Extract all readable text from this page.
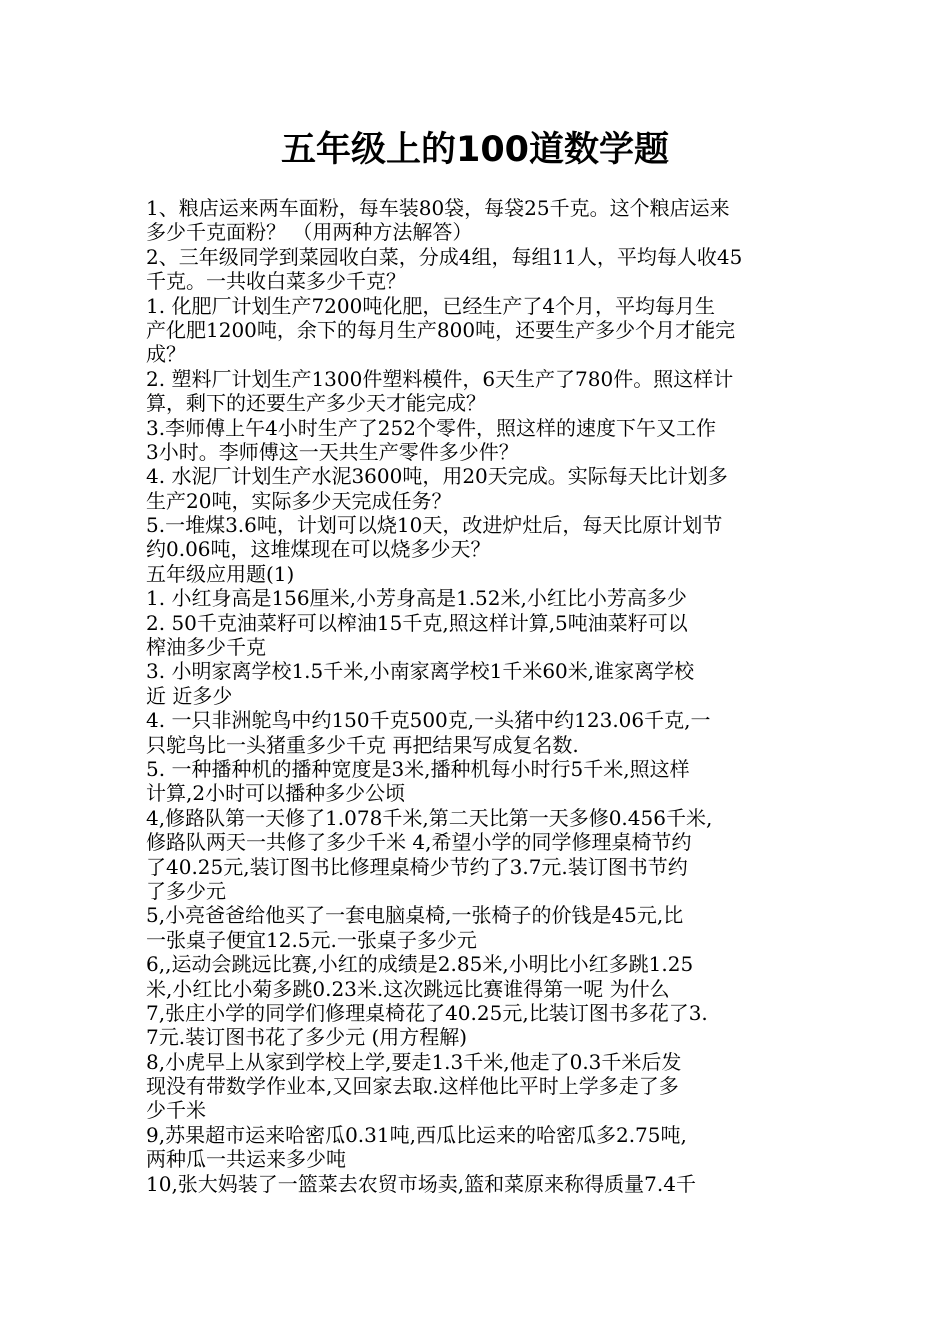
五年级上的100道数学题
1、粮店运来两车面粉，每车装80袋，每袋25千克。这个粮店运来
多少千克面粉？ （用两种方法解答）
2、三年级同学到菜园收白菜，分成4组，每组11人，平均每人收45
千克。一共收白菜多少千克？
1. 化肥厂计划生产7200吨化肥，已经生产了4个月，平均每月生
产化肥1200吨，余下的每月生产800吨，还要生产多少个月才能完
成？
2. 塑料厂计划生产1300件塑料模件，6天生产了780件。照这样计
算，剩下的还要生产多少天才能完成？
3.李师傅上午4小时生产了252个零件，照这样的速度下午又工作
3小时。李师傅这一天共生产零件多少件？
4. 水泥厂计划生产水泥3600吨，用20天完成。实际每天比计划多
生产20吨，实际多少天完成任务？
5.一堆煤3.6吨，计划可以烧10天，改进炉灶后，每天比原计划节
约0.06吨，这堆煤现在可以烧多少天？
五年级应用题(1)
1. 小红身高是156厘米,小芳身高是1.52米,小红比小芳高多少
2. 50千克油菜籽可以榨油15千克,照这样计算,5吨油菜籽可以
榨油多少千克
3. 小明家离学校1.5千米,小南家离学校1千米60米,谁家离学校
近 近多少
4. 一只非洲鸵鸟中约150千克500克,一头猪中约123.06千克,一
只鸵鸟比一头猪重多少千克 再把结果写成复名数.
5. 一种播种机的播种宽度是3米,播种机每小时行5千米,照这样
计算,2小时可以播种多少公顷
4,修路队第一天修了1.078千米,第二天比第一天多修0.456千米,
修路队两天一共修了多少千米 4,希望小学的同学修理桌椅节约
了40.25元,装订图书比修理桌椅少节约了3.7元.装订图书节约
了多少元
5,小亮爸爸给他买了一套电脑桌椅,一张椅子的价钱是45元,比
一张桌子便宜12.5元.一张桌子多少元
6,,运动会跳远比赛,小红的成绩是2.85米,小明比小红多跳1.25
米,小红比小菊多跳0.23米.这次跳远比赛谁得第一呢 为什么
7,张庄小学的同学们修理桌椅花了40.25元,比装订图书多花了3.
7元.装订图书花了多少元 (用方程解)
8,小虎早上从家到学校上学,要走1.3千米,他走了0.3千米后发
现没有带数学作业本,又回家去取.这样他比平时上学多走了多
少千米
9,苏果超市运来哈密瓜0.31吨,西瓜比运来的哈密瓜多2.75吨,
两种瓜一共运来多少吨
10,张大妈装了一篮菜去农贸市场卖,篮和菜原来称得质量7.4千
